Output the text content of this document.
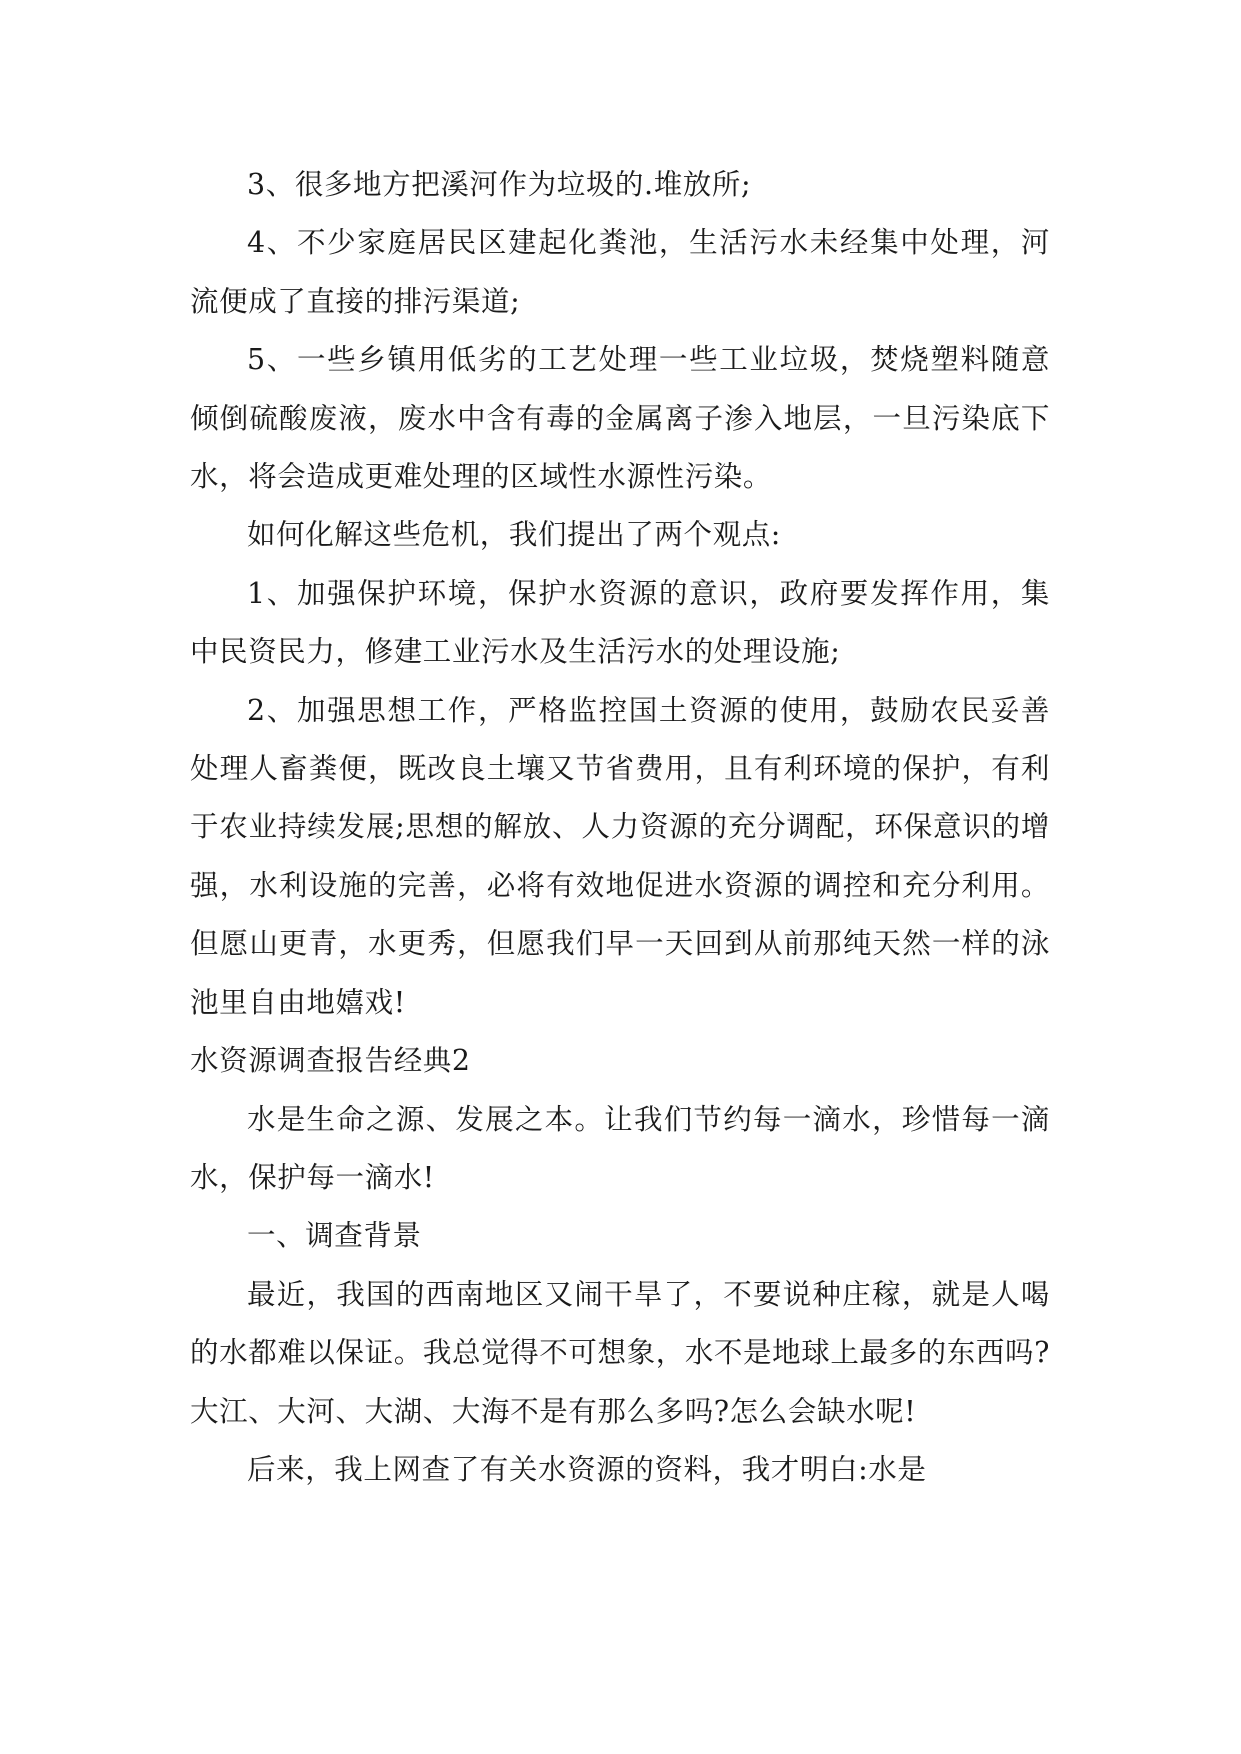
3、很多地方把溪河作为垃圾的.堆放所;

4、不少家庭居民区建起化粪池，生活污水未经集中处理，河流便成了直接的排污渠道;

5、一些乡镇用低劣的工艺处理一些工业垃圾，焚烧塑料随意倾倒硫酸废液，废水中含有毒的金属离子渗入地层，一旦污染底下水，将会造成更难处理的区域性水源性污染。

如何化解这些危机，我们提出了两个观点:

1、加强保护环境，保护水资源的意识，政府要发挥作用，集中民资民力，修建工业污水及生活污水的处理设施;

2、加强思想工作，严格监控国土资源的使用，鼓励农民妥善处理人畜粪便，既改良土壤又节省费用，且有利环境的保护，有利于农业持续发展;思想的解放、人力资源的充分调配，环保意识的增强，水利设施的完善，必将有效地促进水资源的调控和充分利用。但愿山更青，水更秀，但愿我们早一天回到从前那纯天然一样的泳池里自由地嬉戏!

水资源调查报告经典2

水是生命之源、发展之本。让我们节约每一滴水，珍惜每一滴水，保护每一滴水!

一、调查背景

最近，我国的西南地区又闹干旱了，不要说种庄稼，就是人喝的水都难以保证。我总觉得不可想象，水不是地球上最多的东西吗?大江、大河、大湖、大海不是有那么多吗?怎么会缺水呢!

后来，我上网查了有关水资源的资料，我才明白:水是
